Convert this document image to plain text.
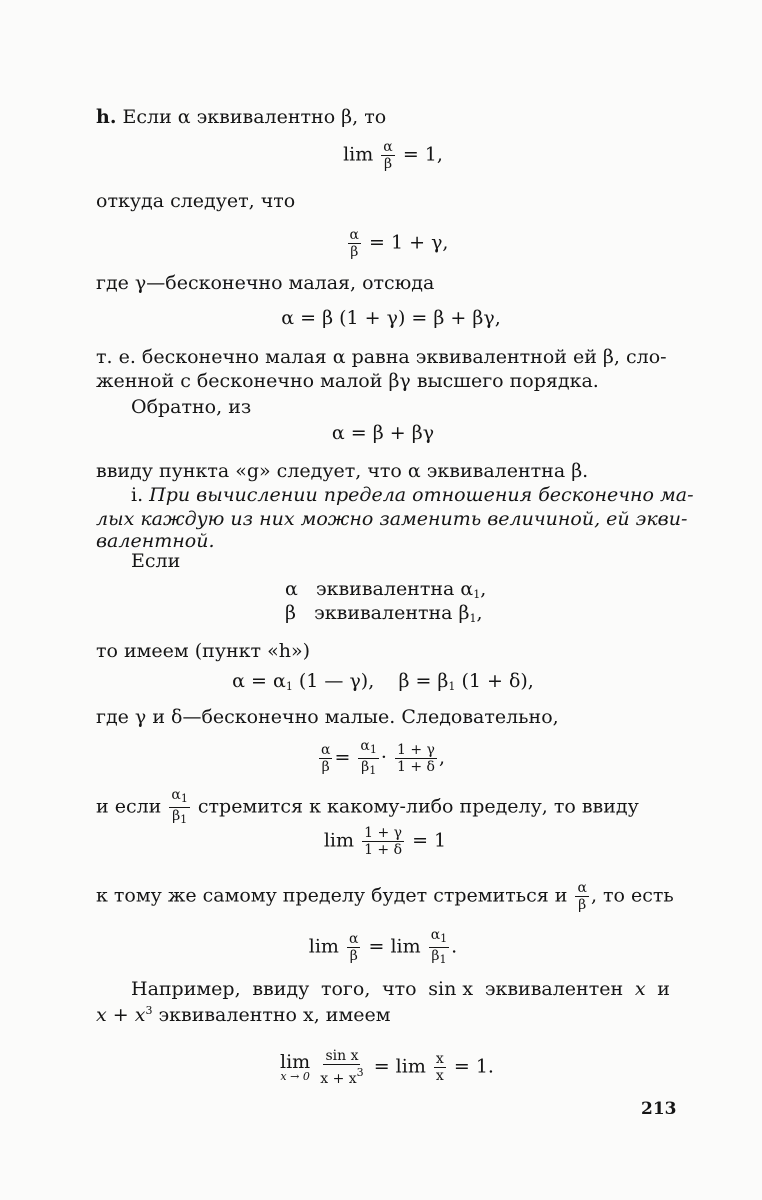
h. Если α эквивалентно β, то
$\lim \frac{\alpha}{\beta} = 1$,
откуда следует, что
$\frac{\alpha}{\beta} = 1 + \gamma$,
где γ—бесконечно малая, отсюда
α = β (1 + γ) = β + βγ,
т. е. бесконечно малая α равна эквивалентной ей β, сло-
женной с бесконечно малой βγ высшего порядка.
Обратно, из
α = β + βγ
ввиду пункта «g» следует, что α эквивалентна β.
i. При вычислении предела отношения бесконечно ма-
лых каждую из них можно заменить величиной, ей экви-
валентной.
Если
α эквивалентна $\alpha_1$,
β эквивалентна $\beta_1$,
то имеем (пункт «h»)
$\alpha = \alpha_1$ (1 — γ), $\beta = \beta_1$ (1 + δ),
где γ и δ—бесконечно малые. Следовательно,
$\frac{\alpha}{\beta} = \frac{\alpha_1}{\beta_1} \cdot \frac{1 + \gamma}{1 + \delta}$ ,
и если $\frac{\alpha_1}{\beta_1}$ стремится к какому-либо пределу, то ввиду
$\lim \frac{1 + \gamma}{1 + \delta} = 1$
к тому же самому пределу будет стремиться и $\frac{\alpha}{\beta}$ , то есть
$\lim \frac{\alpha}{\beta} = \lim \frac{\alpha_1}{\beta_1}$ .
Например, ввиду того, что sin x эквивалентен x и
$x + x^3$ эквивалентно x, имеем
lim
x → 0
$\frac{\text{sin x}}{x + x^3} = \lim \frac{x}{x} = 1$.
213
